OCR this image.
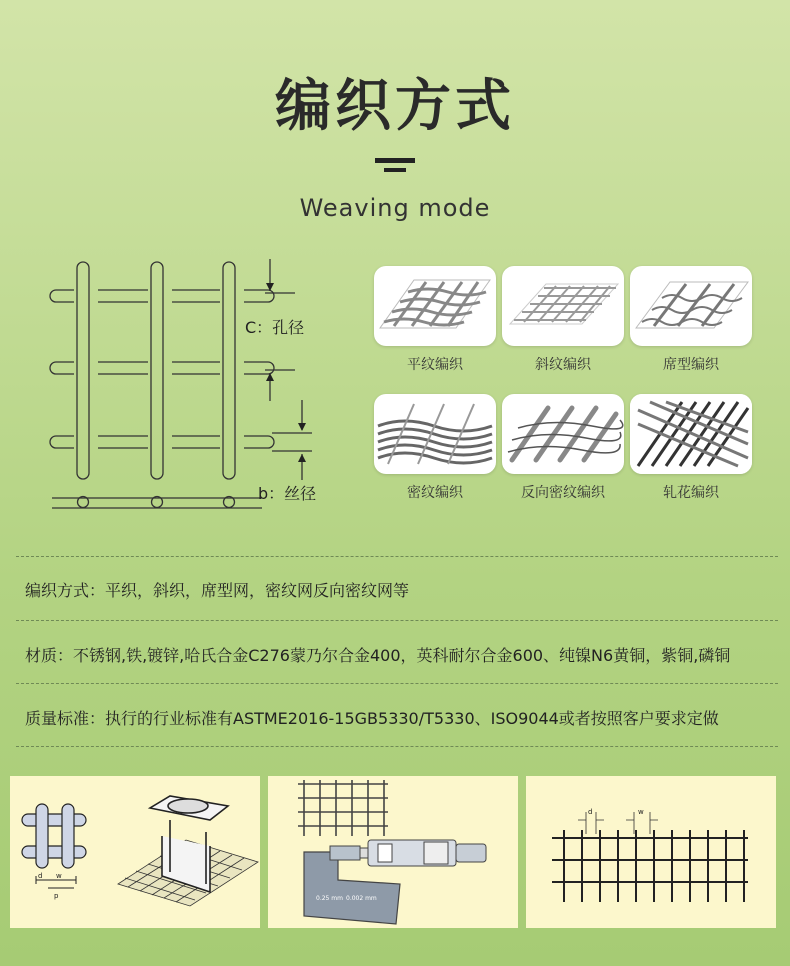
编织方式
Weaving mode
C：孔径
b：丝径
平纹编织	斜纹编织	席型编织
密纹编织	反向密纹编织	轧花编织
编织方式：平织，斜织，席型网，密纹网反向密纹网等
材质：不锈钢,铁,镀锌,哈氏合金C276蒙乃尔合金400，英科耐尔合金600、纯镍N6黄铜，紫铜,磷铜
质量标准：执行的行业标准有ASTME2016-15GB5330/T5330、ISO9044或者按照客户要求定做
d w
p	0.25 mm 0.002 mm
d	w
